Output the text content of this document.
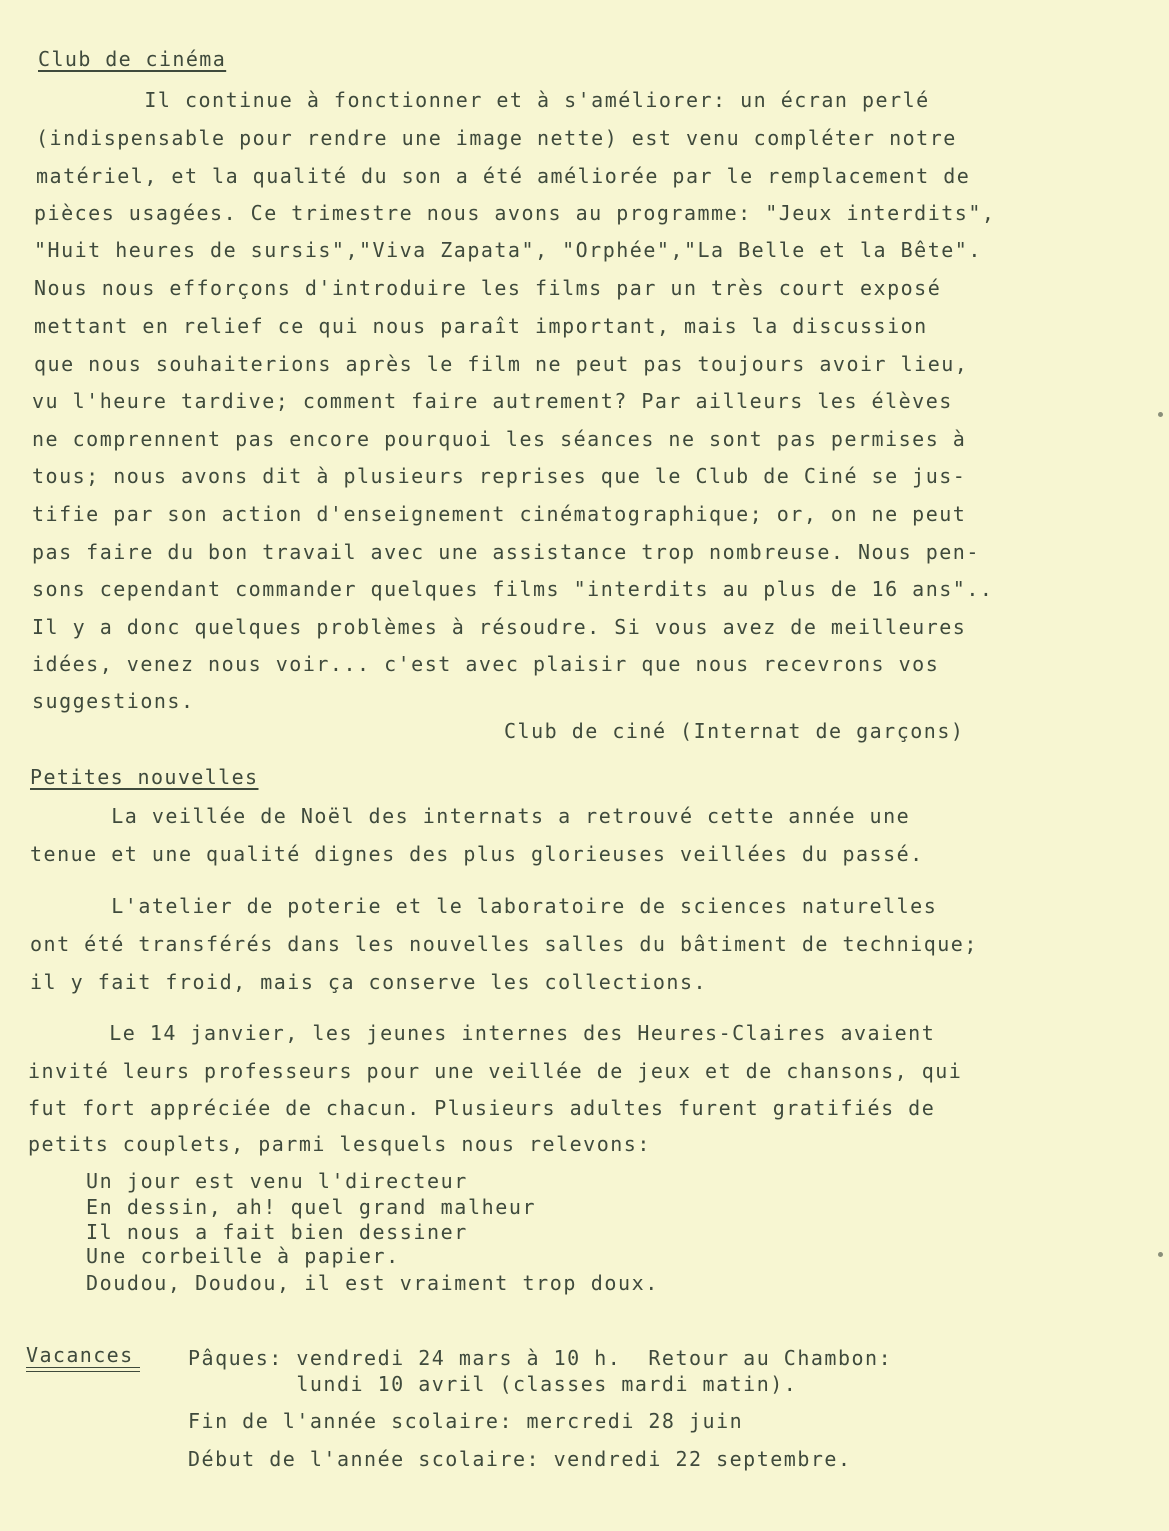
Club de cinéma
Il continue à fonctionner et à s'améliorer: un écran perlé
(indispensable pour rendre une image nette) est venu compléter notre
matériel, et la qualité du son a été améliorée par le remplacement de
pièces usagées. Ce trimestre nous avons au programme: "Jeux interdits",
"Huit heures de sursis","Viva Zapata", "Orphée","La Belle et la Bête".
Nous nous efforçons d'introduire les films par un très court exposé
mettant en relief ce qui nous paraît important, mais la discussion
que nous souhaiterions après le film ne peut pas toujours avoir lieu,
vu l'heure tardive; comment faire autrement? Par ailleurs les élèves
ne comprennent pas encore pourquoi les séances ne sont pas permises à
tous; nous avons dit à plusieurs reprises que le Club de Ciné se jus-
tifie par son action d'enseignement cinématographique; or, on ne peut
pas faire du bon travail avec une assistance trop nombreuse. Nous pen-
sons cependant commander quelques films "interdits au plus de 16 ans"..
Il y a donc quelques problèmes à résoudre. Si vous avez de meilleures
idées, venez nous voir... c'est avec plaisir que nous recevrons vos
suggestions.
Club de ciné (Internat de garçons)
Petites nouvelles
La veillée de Noël des internats a retrouvé cette année une
tenue et une qualité dignes des plus glorieuses veillées du passé.
L'atelier de poterie et le laboratoire de sciences naturelles
ont été transférés dans les nouvelles salles du bâtiment de technique;
il y fait froid, mais ça conserve les collections.
Le 14 janvier, les jeunes internes des Heures-Claires avaient
invité leurs professeurs pour une veillée de jeux et de chansons, qui
fut fort appréciée de chacun. Plusieurs adultes furent gratifiés de
petits couplets, parmi lesquels nous relevons:
Un jour est venu l'directeur
En dessin, ah! quel grand malheur
Il nous a fait bien dessiner
Une corbeille à papier.
Doudou, Doudou, il est vraiment trop doux.
Vacances	Pâques: vendredi 24 mars à 10 h.  Retour au Chambon:
lundi 10 avril (classes mardi matin).
Fin de l'année scolaire: mercredi 28 juin
Début de l'année scolaire: vendredi 22 septembre.
